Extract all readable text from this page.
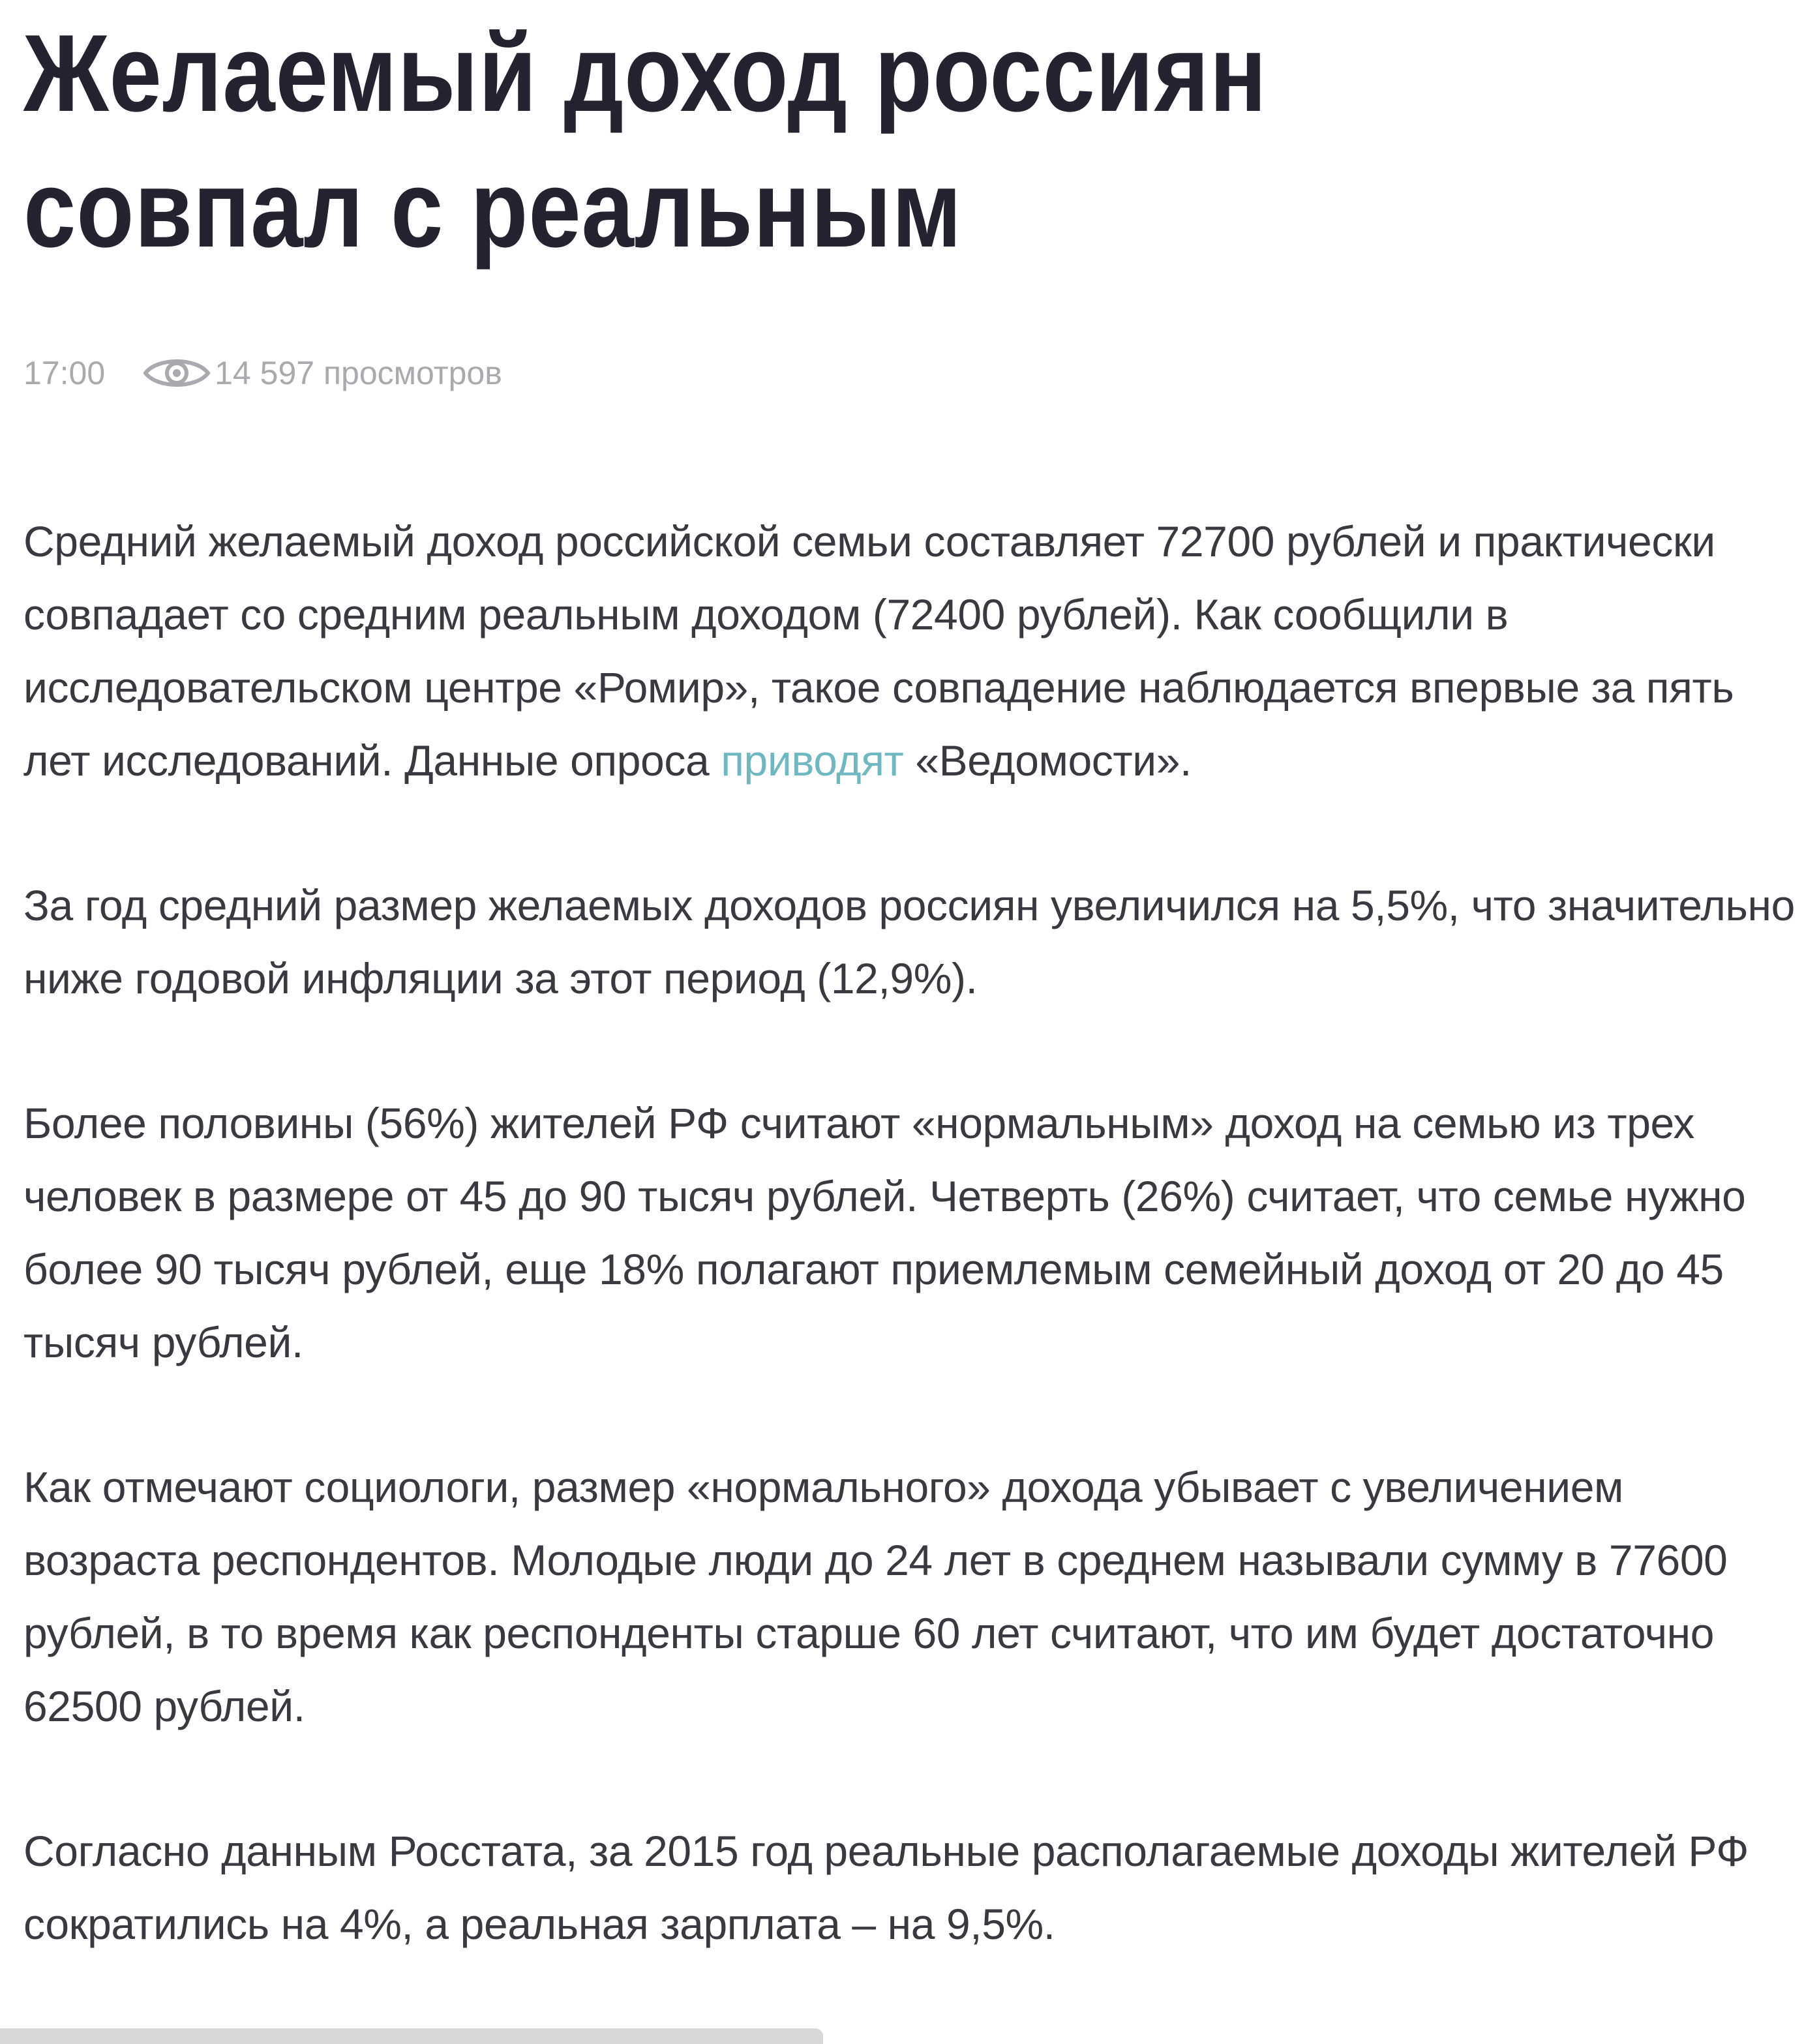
Желаемый доход россиян совпал с реальным
17:00	14 597 просмотров

Средний желаемый доход российской семьи составляет 72700 рублей и практически совпадает со средним реальным доходом (72400 рублей). Как сообщили в исследовательском центре «Ромир», такое совпадение наблюдается впервые за пять лет исследований. Данные опроса приводят «Ведомости».

За год средний размер желаемых доходов россиян увеличился на 5,5%, что значительно ниже годовой инфляции за этот период (12,9%).

Более половины (56%) жителей РФ считают «нормальным» доход на семью из трех человек в размере от 45 до 90 тысяч рублей. Четверть (26%) считает, что семье нужно более 90 тысяч рублей, еще 18% полагают приемлемым семейный доход от 20 до 45 тысяч рублей.

Как отмечают социологи, размер «нормального» дохода убывает с увеличением возраста респондентов. Молодые люди до 24 лет в среднем называли сумму в 77600 рублей, в то время как респонденты старше 60 лет считают, что им будет достаточно 62500 рублей.

Согласно данным Росстата, за 2015 год реальные располагаемые доходы жителей РФ сократились на 4%, а реальная зарплата – на 9,5%.
